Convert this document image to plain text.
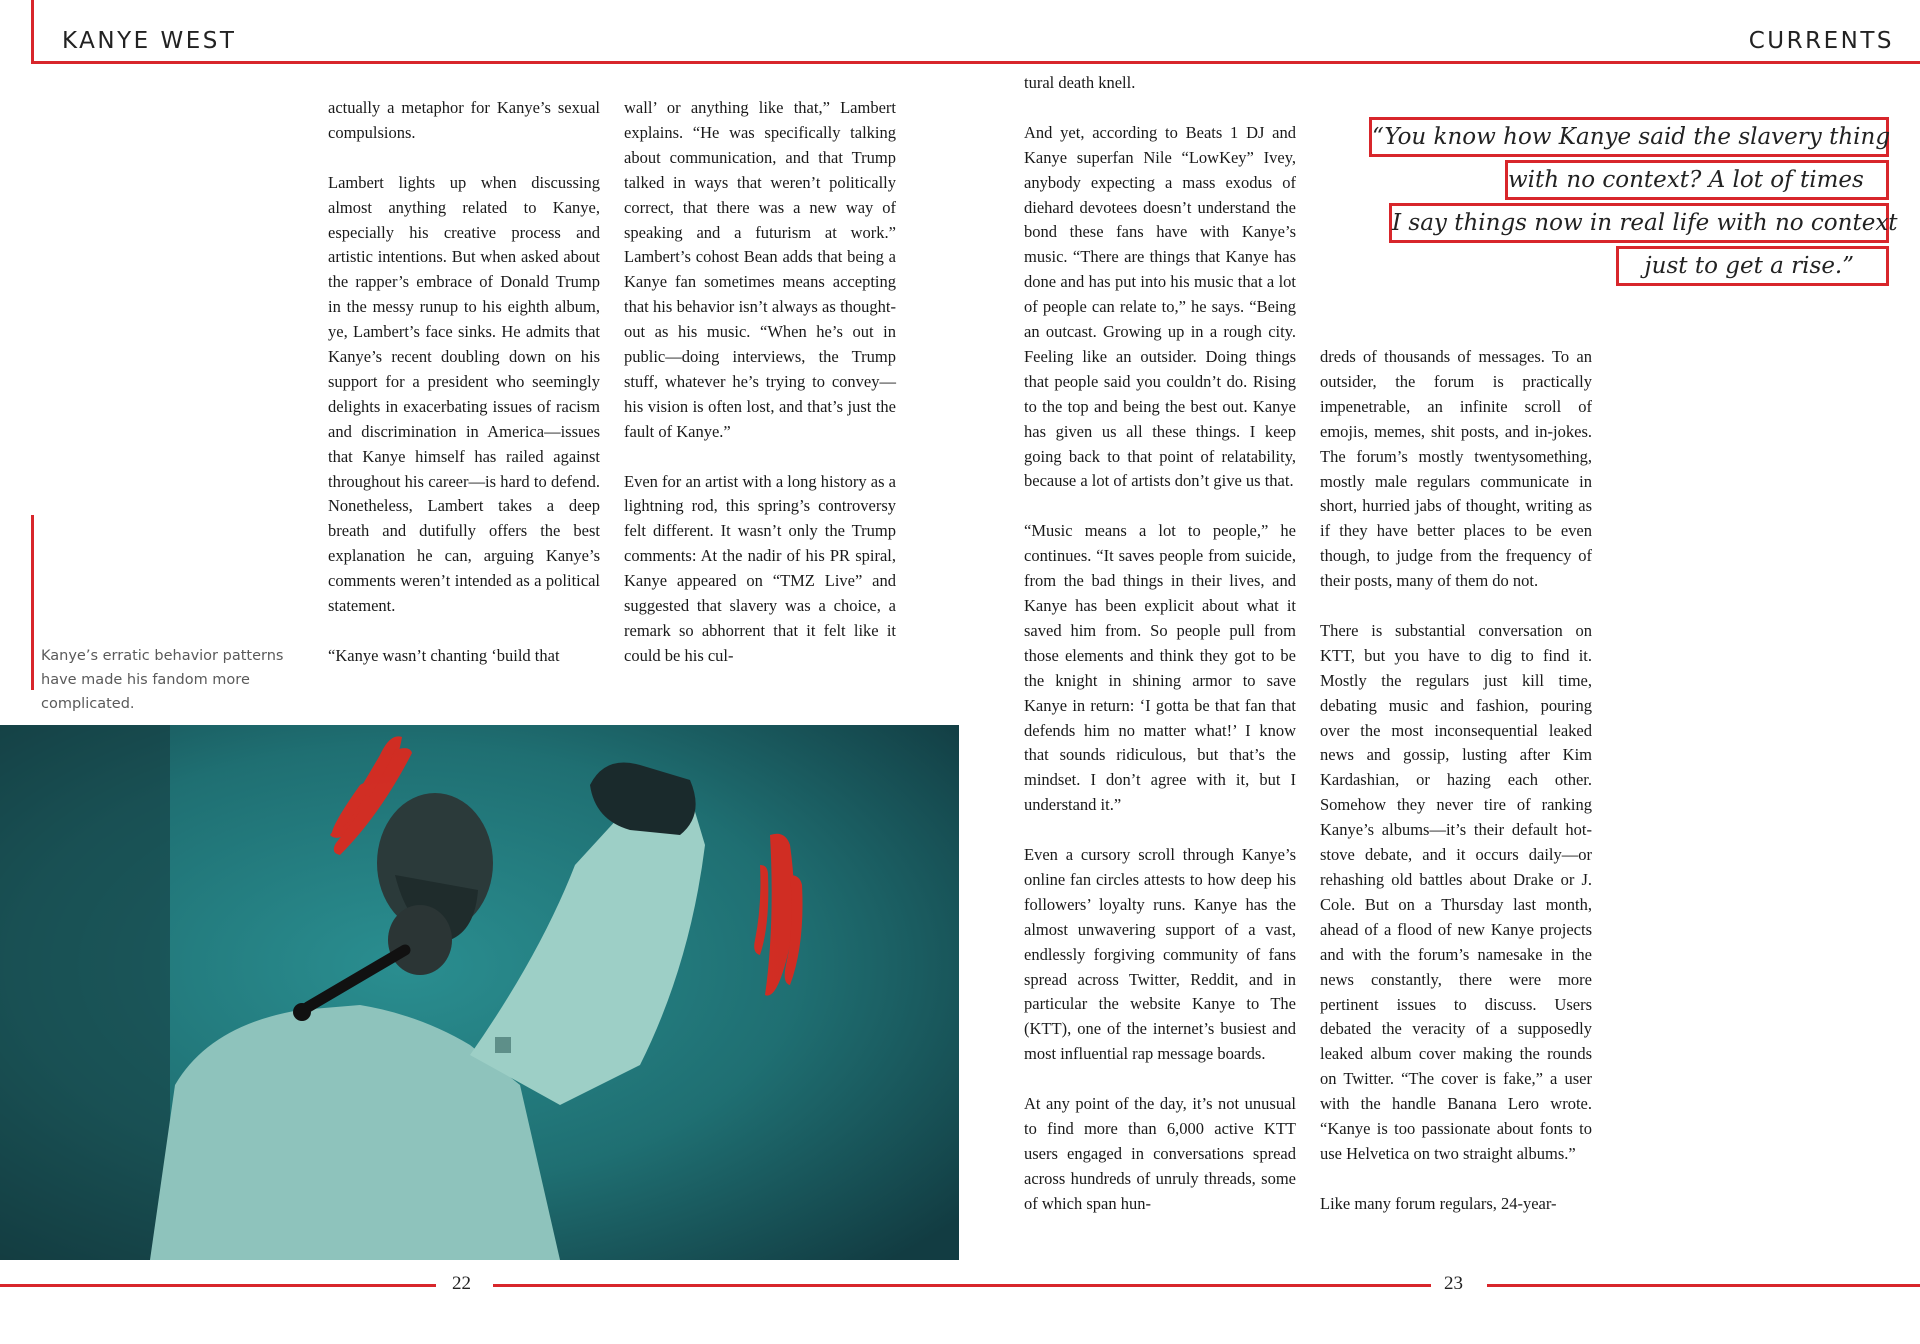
KANYE WEST	CURRENTS
Kanye’s erratic behavior patterns have made his fandom more complicated.

actually a metaphor for Kanye’s sexual compulsions.

Lambert lights up when discussing almost anything related to Kanye, especially his creative process and artistic intentions. But when asked about the rapper’s embrace of Donald Trump in the messy runup to his eighth album, ye, Lambert’s face sinks. He admits that Kanye’s recent doubling down on his support for a president who seemingly delights in exacerbating issues of racism and discrimination in America—issues that Kanye himself has railed against throughout his career—is hard to defend. Nonetheless, Lambert takes a deep breath and dutifully offers the best explanation he can, arguing Kanye’s comments weren’t intended as a political statement.

“Kanye wasn’t chanting ‘build that

wall’ or anything like that,” Lambert explains. “He was specifically talking about communication, and that Trump talked in ways that weren’t politically correct, that there was a new way of speaking and a futurism at work.” Lambert’s cohost Bean adds that being a Kanye fan sometimes means accepting that his behavior isn’t always as thought-out as his music. “When he’s out in public—doing interviews, the Trump stuff, whatever he’s trying to convey—his vision is often lost, and that’s just the fault of Kanye.”

Even for an artist with a long history as a lightning rod, this spring’s controversy felt different. It wasn’t only the Trump comments: At the nadir of his PR spiral, Kanye appeared on “TMZ Live” and suggested that slavery was a choice, a remark so abhorrent that it felt like it could be his cul-

tural death knell.

And yet, according to Beats 1 DJ and Kanye superfan Nile “LowKey” Ivey, anybody expecting a mass exodus of diehard devotees doesn’t understand the bond these fans have with Kanye’s music. “There are things that Kanye has done and has put into his music that a lot of people can relate to,” he says. “Being an outcast. Growing up in a rough city. Feeling like an outsider. Doing things that people said you couldn’t do. Rising to the top and being the best out. Kanye has given us all these things. I keep going back to that point of relatability, because a lot of artists don’t give us that.

“Music means a lot to people,” he continues. “It saves people from suicide, from the bad things in their lives, and Kanye has been explicit about what it saved him from. So people pull from those elements and think they got to be the knight in shining armor to save Kanye in return: ‘I gotta be that fan that defends him no matter what!’ I know that sounds ridiculous, but that’s the mindset. I don’t agree with it, but I understand it.”

Even a cursory scroll through Kanye’s online fan circles attests to how deep his followers’ loyalty runs. Kanye has the almost unwavering support of a vast, endlessly forgiving community of fans spread across Twitter, Reddit, and in particular the website Kanye to The (KTT), one of the internet’s busiest and most influential rap message boards.

At any point of the day, it’s not unusual to find more than 6,000 active KTT users engaged in conversations spread across hundreds of unruly threads, some of which span hun-

dreds of thousands of messages. To an outsider, the forum is practically impenetrable, an infinite scroll of emojis, memes, shit posts, and in-jokes. The forum’s mostly twentysomething, mostly male regulars communicate in short, hurried jabs of thought, writing as if they have better places to be even though, to judge from the frequency of their posts, many of them do not.

There is substantial conversation on KTT, but you have to dig to find it. Mostly the regulars just kill time, debating music and fashion, pouring over the most inconsequential leaked news and gossip, lusting after Kim Kardashian, or hazing each other. Somehow they never tire of ranking Kanye’s albums—it’s their default hot-stove debate, and it occurs daily—or rehashing old battles about Drake or J. Cole. But on a Thursday last month, ahead of a flood of new Kanye projects and with the forum’s namesake in the news constantly, there were more pertinent issues to discuss. Users debated the veracity of a supposedly leaked album cover making the rounds on Twitter. “The cover is fake,” a user with the handle Banana Lero wrote. “Kanye is too passionate about fonts to use Helvetica on two straight albums.”

Like many forum regulars, 24-year-

“You know how Kanye said the slavery thing
with no context? A lot of times
I say things now in real life with no context
just to get a rise.”
22	23
